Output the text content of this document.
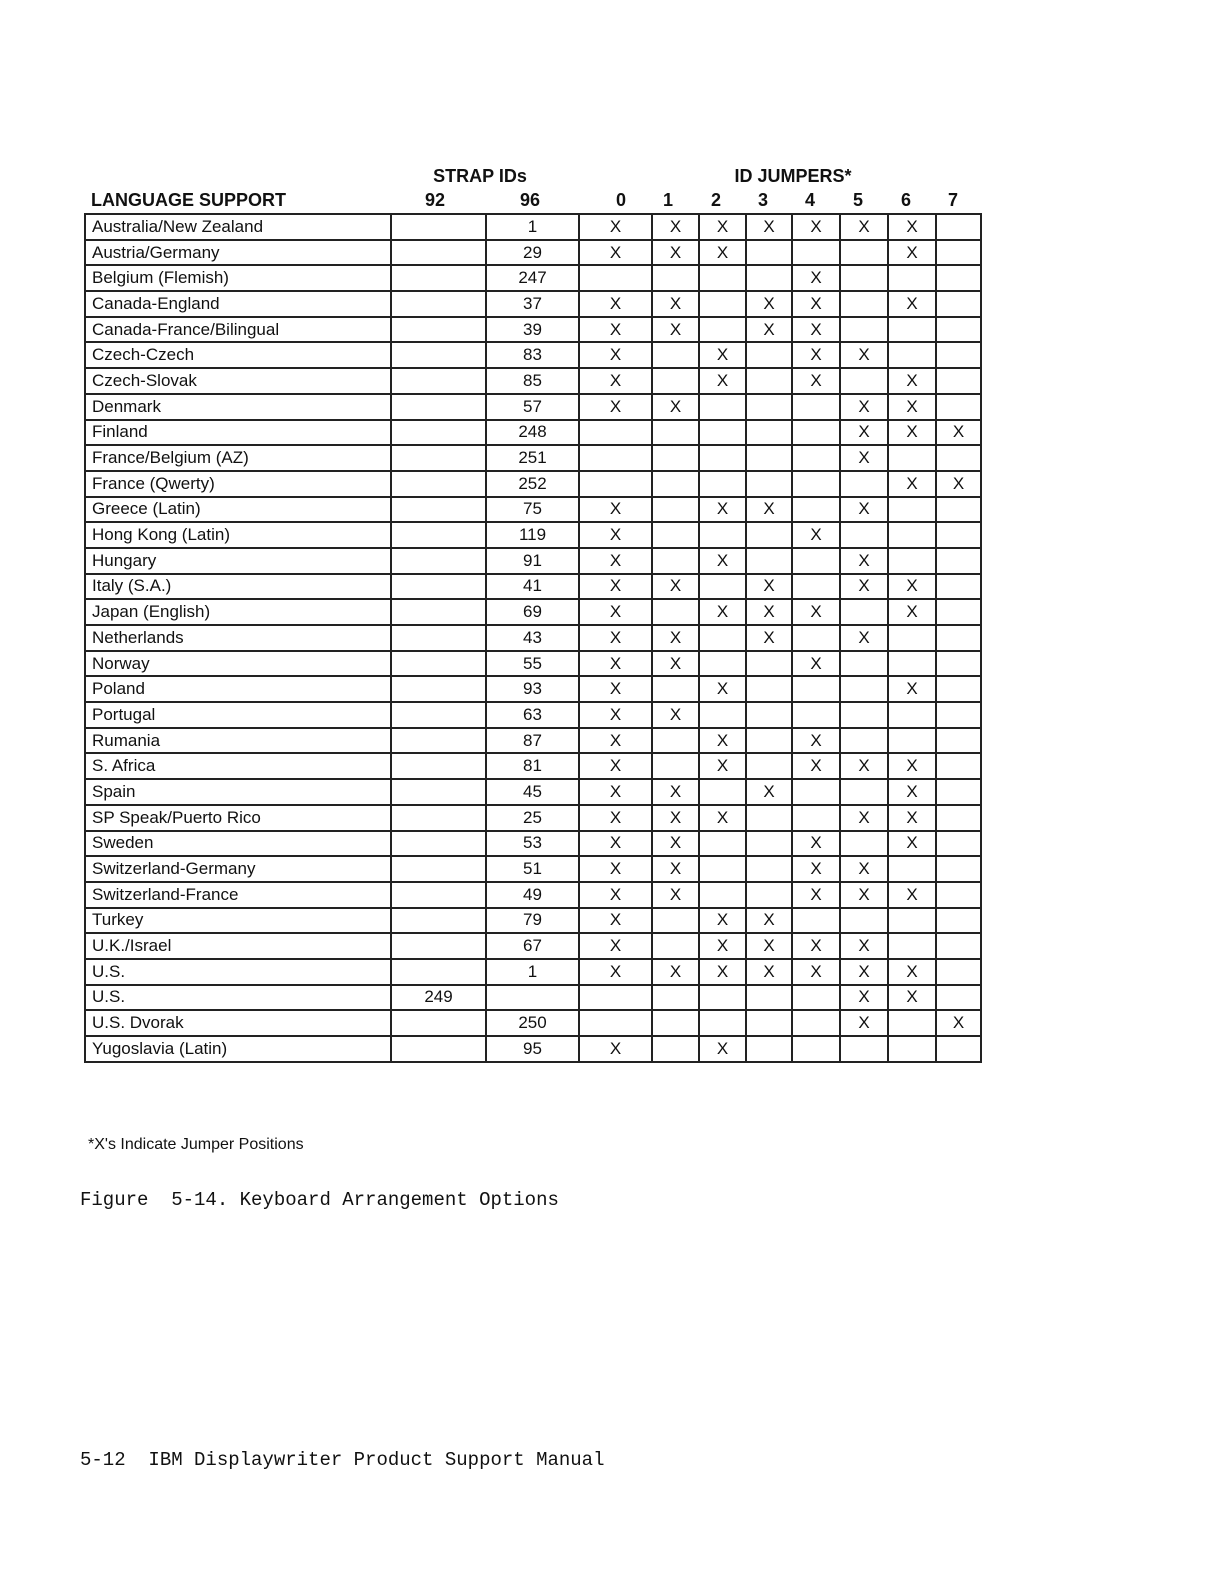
STRAP IDs	ID JUMPERS*
LANGUAGE SUPPORT	92	96	0 1 2 3 4 5 6 7
Australia/New Zealand		1	X	X	X	X	X	X	X	
Austria/Germany		29	X	X	X				X	
Belgium (Flemish)		247					X			
Canada-England		37	X	X		X	X		X	
Canada-France/Bilingual		39	X	X		X	X			
Czech-Czech		83	X		X		X	X		
Czech-Slovak		85	X		X		X		X	
Denmark		57	X	X				X	X	
Finland		248						X	X	X
France/Belgium (AZ)		251						X		
France (Qwerty)		252							X	X
Greece (Latin)		75	X		X	X		X		
Hong Kong (Latin)		119	X				X			
Hungary		91	X		X			X		
Italy (S.A.)		41	X	X		X		X	X	
Japan (English)		69	X		X	X	X		X	
Netherlands		43	X	X		X		X		
Norway		55	X	X			X			
Poland		93	X		X				X	
Portugal		63	X	X						
Rumania		87	X		X		X			
S. Africa		81	X		X		X	X	X	
Spain		45	X	X		X			X	
SP Speak/Puerto Rico		25	X	X	X			X	X	
Sweden		53	X	X			X		X	
Switzerland-Germany		51	X	X			X	X		
Switzerland-France		49	X	X			X	X	X	
Turkey		79	X		X	X				
U.K./Israel		67	X		X	X	X	X		
U.S.		1	X	X	X	X	X	X	X	
U.S.	249							X	X	
U.S. Dvorak		250						X		X
Yugoslavia (Latin)		95	X		X					
*X's Indicate Jumper Positions
Figure  5-14. Keyboard Arrangement Options
5-12  IBM Displaywriter Product Support Manual
